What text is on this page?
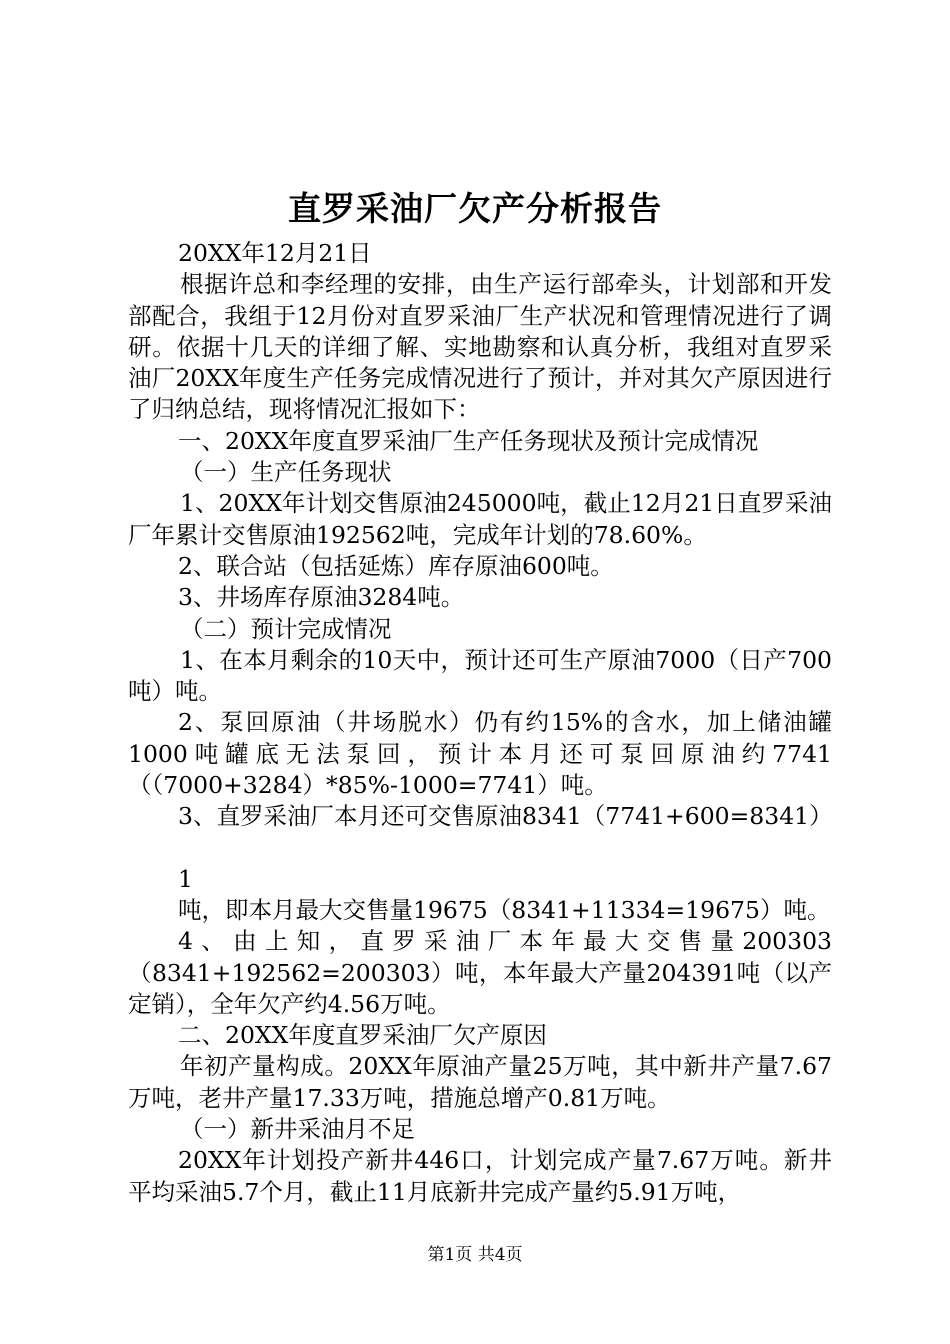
直罗采油厂欠产分析报告

20XX年12月21日

根据许总和李经理的安排，由生产运行部牵头，计划部和开发部配合，我组于12月份对直罗采油厂生产状况和管理情况进行了调研。依据十几天的详细了解、实地勘察和认真分析，我组对直罗采油厂20XX年度生产任务完成情况进行了预计，并对其欠产原因进行了归纳总结，现将情况汇报如下：

一、20XX年度直罗采油厂生产任务现状及预计完成情况

（一）生产任务现状

1、20XX年计划交售原油245000吨，截止12月21日直罗采油厂年累计交售原油192562吨，完成年计划的78.60%。

2、联合站（包括延炼）库存原油600吨。

3、井场库存原油3284吨。

（二）预计完成情况

1、在本月剩余的10天中，预计还可生产原油7000（日产700吨）吨。

2、泵回原油（井场脱水）仍有约15%的含水，加上储油罐1000吨罐底无法泵回，预计本月还可泵回原油约7741（（7000+3284）*85%-1000=7741）吨。

3、直罗采油厂本月还可交售原油8341（7741+600=8341）

1

吨，即本月最大交售量19675（8341+11334=19675）吨。

4、由上知，直罗采油厂本年最大交售量200303（8341+192562=200303）吨，本年最大产量204391吨（以产定销），全年欠产约4.56万吨。

二、20XX年度直罗采油厂欠产原因

年初产量构成。20XX年原油产量25万吨，其中新井产量7.67万吨，老井产量17.33万吨，措施总增产0.81万吨。

（一）新井采油月不足

20XX年计划投产新井446口，计划完成产量7.67万吨。新井平均采油5.7个月，截止11月底新井完成产量约5.91万吨，

第1页 共4页
